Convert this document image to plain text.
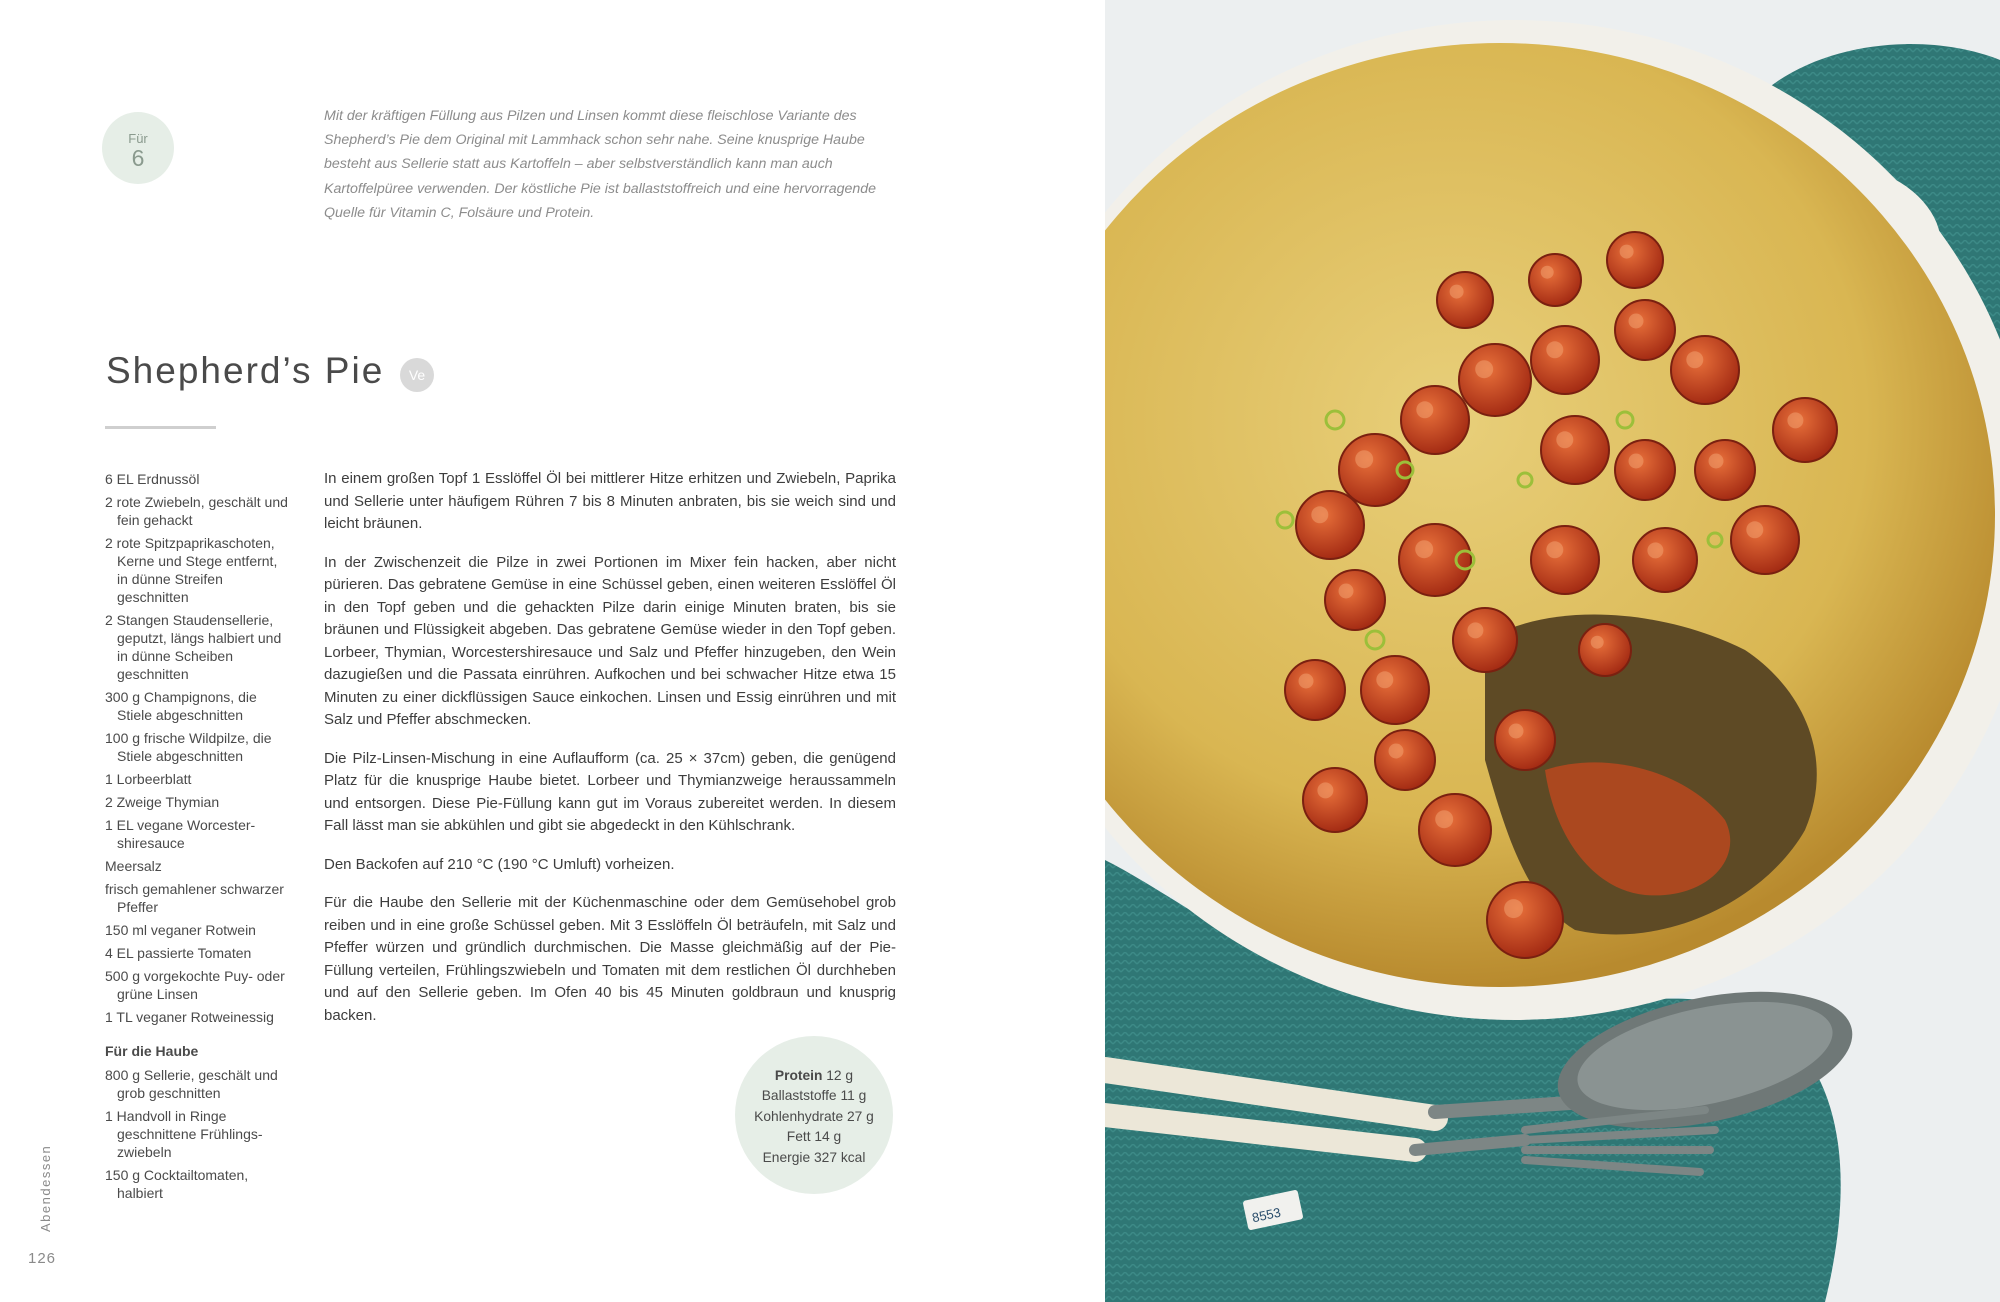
Für
6

Mit der kräftigen Füllung aus Pilzen und Linsen kommt diese fleischlose Variante des Shepherd’s Pie dem Original mit Lammhack schon sehr nahe. Seine knusprige Haube besteht aus Sellerie statt aus Kartoffeln – aber selbstverständlich kann man auch Kartoffelpüree verwenden. Der köstliche Pie ist ballaststoffreich und eine hervorragende Quelle für Vitamin C, Folsäure und Protein.

Shepherd’s Pie	Ve
6 EL Erdnussöl
2 rote Zwiebeln, geschält und fein gehackt
2 rote Spitzpaprikaschoten, Kerne und Stege entfernt, in dünne Streifen geschnitten
2 Stangen Staudensellerie, geputzt, längs halbiert und in dünne Scheiben geschnitten
300 g Champignons, die Stiele abgeschnitten
100 g frische Wildpilze, die Stiele abgeschnitten
1 Lorbeerblatt
2 Zweige Thymian
1 EL vegane Worcestershiresauce
Meersalz
frisch gemahlener schwarzer Pfeffer
150 ml veganer Rotwein
4 EL passierte Tomaten
500 g vorgekochte Puy- oder grüne Linsen
1 TL veganer Rotweinessig
Für die Haube
800 g Sellerie, geschält und grob geschnitten
1 Handvoll in Ringe geschnittene Frühlingszwiebeln
150 g Cocktailtomaten, halbiert

In einem großen Topf 1 Esslöffel Öl bei mittlerer Hitze erhitzen und Zwiebeln, Paprika und Sellerie unter häufigem Rühren 7 bis 8 Minuten anbraten, bis sie weich sind und leicht bräunen.

In der Zwischenzeit die Pilze in zwei Portionen im Mixer fein hacken, aber nicht pürieren. Das gebratene Gemüse in eine Schüssel geben, einen weiteren Esslöffel Öl in den Topf geben und die gehackten Pilze darin einige Minuten braten, bis sie bräunen und Flüssigkeit abgeben. Das gebratene Gemüse wieder in den Topf geben. Lorbeer, Thymian, Worcestershiresauce und Salz und Pfeffer hinzugeben, den Wein dazugießen und die Passata einrühren. Aufkochen und bei schwacher Hitze etwa 15 Minuten zu einer dickflüssigen Sauce einkochen. Linsen und Essig einrühren und mit Salz und Pfeffer abschmecken.

Die Pilz-Linsen-Mischung in eine Auflaufform (ca. 25 × 37cm) geben, die genügend Platz für die knusprige Haube bietet. Lorbeer und Thymianzweige heraussammeln und entsorgen. Diese Pie-Füllung kann gut im Voraus zubereitet werden. In diesem Fall lässt man sie abkühlen und gibt sie abgedeckt in den Kühlschrank.

Den Backofen auf 210 °C (190 °C Umluft) vorheizen.

Für die Haube den Sellerie mit der Küchenmaschine oder dem Gemüsehobel grob reiben und in eine große Schüssel geben. Mit 3 Esslöffeln Öl beträufeln, mit Salz und Pfeffer würzen und gründlich durchmischen. Die Masse gleichmäßig auf der Pie-Füllung verteilen, Frühlingszwiebeln und Tomaten mit dem restlichen Öl durchheben und auf den Sellerie geben. Im Ofen 40 bis 45 Minuten goldbraun und knusprig backen.

Protein 12 g
Ballaststoffe 11 g
Kohlenhydrate 27 g
Fett 14 g
Energie 327 kcal
Abendessen
126
8553
